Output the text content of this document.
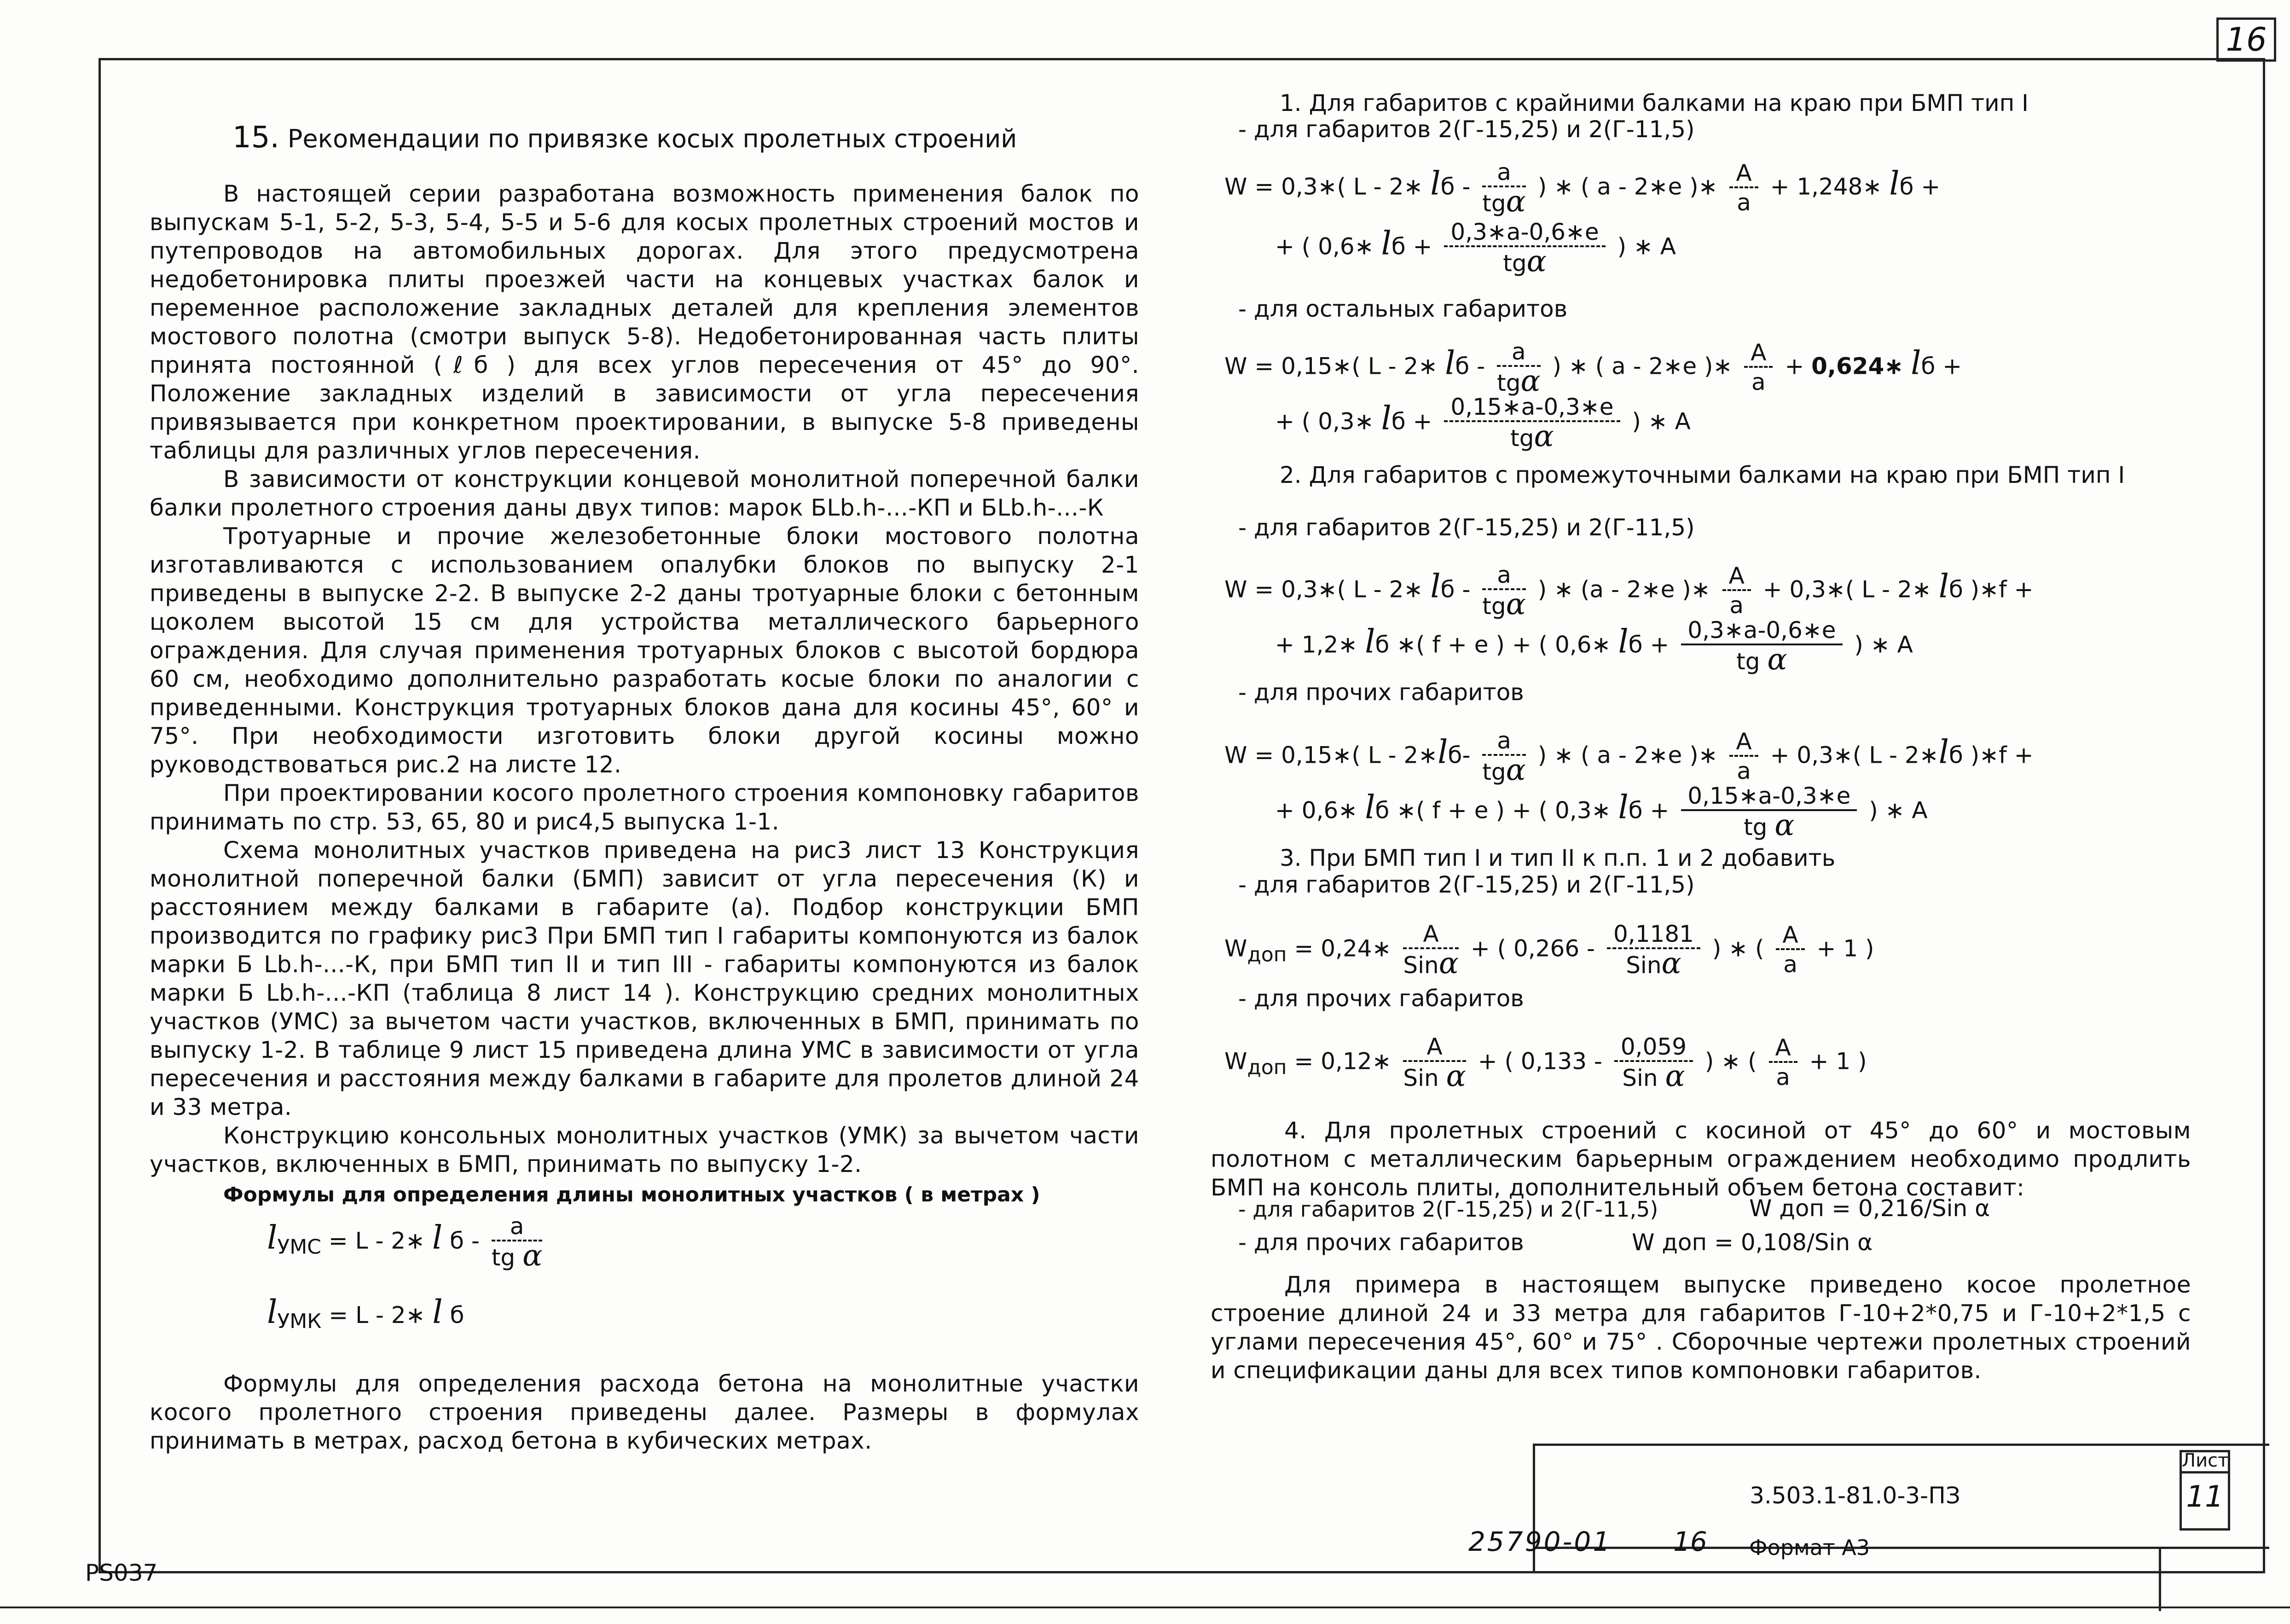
16
15. Рекомендации по привязке косых пролетных строений

В настоящей серии разработана возможность применения балок по выпускам 5-1, 5-2, 5-3, 5-4, 5-5 и 5-6 для косых пролетных строений мостов и путепроводов на автомобильных дорогах. Для этого предусмотрена недобетонировка плиты проезжей части на концевых участках балок и переменное расположение закладных деталей для крепления элементов мостового полотна (смотри выпуск 5-8). Недобетонированная часть плиты принята постоянной (ℓб ) для всех углов пересечения от 45° до 90°. Положение закладных изделий в зависимости от угла пересечения привязывается при конкретном проектировании, в выпуске 5-8 приведены таблицы для различных углов пересечения.

В зависимости от конструкции концевой монолитной поперечной балки балки пролетного строения даны двух типов: марок БLb.h-...-КП и БLb.h-...-К

Тротуарные и прочие железобетонные блоки мостового полотна изготавливаются с использованием опалубки блоков по выпуску 2-1 приведены в выпуске 2-2. В выпуске 2-2 даны тротуарные блоки с бетонным цоколем высотой 15 см для устройства металлического барьерного ограждения. Для случая применения тротуарных блоков с высотой бордюра 60 см, необходимо дополнительно разработать косые блоки по аналогии с приведенными. Конструкция тротуарных блоков дана для косины 45°, 60° и 75°. При необходимости изготовить блоки другой косины можно руководствоваться рис.2 на листе 12.

При проектировании косого пролетного строения компоновку габаритов принимать по стр. 53, 65, 80 и рис4,5 выпуска 1-1.

Схема монолитных участков приведена на рис3 лист 13 Конструкция монолитной поперечной балки (БМП) зависит от угла пересечения (К) и расстоянием между балками в габарите (а). Подбор конструкции БМП производится по графику рис3 При БМП тип I габариты компонуются из балок марки Б Lb.h-...-К, при БМП тип II и тип III - габариты компонуются из балок марки Б Lb.h-...-КП (таблица 8 лист 14 ). Конструкцию средних монолитных участков (УМС) за вычетом части участков, включенных в БМП, принимать по выпуску 1-2. В таблице 9 лист 15 приведена длина УМС в зависимости от угла пересечения и расстояния между балками в габарите для пролетов длиной 24 и 33 метра.

Конструкцию консольных монолитных участков (УМК) за вычетом части участков, включенных в БМП, принимать по выпуску 1-2.

Формулы для определения длины монолитных участков ( в метрах )
$l_{УМС} = L$ - 2∗ l б - $\frac{a}{\text{tg α}}$
$l_{УМК} = L$ - 2∗ l б

Формулы для определения расхода бетона на монолитные участки косого пролетного строения приведены далее. Размеры в формулах принимать в метрах, расход бетона в кубических метрах.

1. Для габаритов с крайними балками на краю при БМП тип I
- для габаритов 2(Г-15,25) и 2(Г-11,5)
W = 0,3∗( L - 2∗ lб - $\frac{a}{\text{tgα}}$ ) ∗ ( a - 2∗e )∗ $\frac{A}{a}$ + 1,248∗ lб +
+ ( 0,6∗ lб + $\frac{0,3∗a-0,6∗e}{\text{tgα}}$ ) ∗ A
- для остальных габаритов
W = 0,15∗( L - 2∗ lб - $\frac{a}{\text{tgα}}$ ) ∗ ( a - 2∗e )∗ $\frac{A}{a}$ + 0,624∗ lб +
+ ( 0,3∗ lб + $\frac{0,15∗a-0,3∗e}{\text{tgα}}$ ) ∗ A
2. Для габаритов с промежуточными балками на краю при БМП тип I
- для габаритов 2(Г-15,25) и 2(Г-11,5)
W = 0,3∗( L - 2∗ lб - $\frac{a}{\text{tgα}}$ ) ∗ (a - 2∗e )∗ $\frac{A}{a}$ + 0,3∗( L - 2∗ lб )∗f +
+ 1,2∗ lб ∗( f + e ) + ( 0,6∗ lб + $\frac{0,3∗a-0,6∗e}{\text{tg α}}$ ) ∗ A
- для прочих габаритов
W = 0,15∗( L - 2∗lб- $\frac{a}{\text{tgα}}$ ) ∗ ( a - 2∗e )∗ $\frac{A}{a}$ + 0,3∗( L - 2∗lб )∗f +
+ 0,6∗ lб ∗( f + e ) + ( 0,3∗ lб + $\frac{0,15∗a-0,3∗e}{\text{tg α}}$ ) ∗ A
3. При БМП тип I и тип II к п.п. 1 и 2 добавить
- для габаритов 2(Г-15,25) и 2(Г-11,5)
$W_{доп}$ = 0,24∗ $\frac{A}{\text{Sinα}}$ + ( $0,266 - \frac{0,1181}{\text{Sinα}}$ ) ∗ ( $\frac{A}{a} + 1$ )
- для прочих габаритов
$W_{доп}$ = 0,12∗ $\frac{A}{\text{Sin α}}$ + ( $0,133 - \frac{0,059}{\text{Sin α}}$ ) ∗ ( $\frac{A}{a} + 1$ )

4. Для пролетных строений с косиной от 45° до 60° и мостовым полотном с металлическим барьерным ограждением необходимо продлить БМП на консоль плиты, дополнительный объем бетона составит:

- для габаритов 2(Г-15,25) и 2(Г-11,5)	W доп = 0,216/Sin α
- для прочих габаритов	W доп = 0,108/Sin α

Для примера в настоящем выпуске приведено косое пролетное строение длиной 24 и 33 метра для габаритов Г-10+2*0,75 и Г-10+2*1,5 с углами пересечения 45°, 60° и 75° . Сборочные чертежи пролетных строений и спецификации даны для всех типов компоновки габаритов.

3.503.1-81.0-3-ПЗ
Лист
11
25790-01 16 Формат А3
PS037
